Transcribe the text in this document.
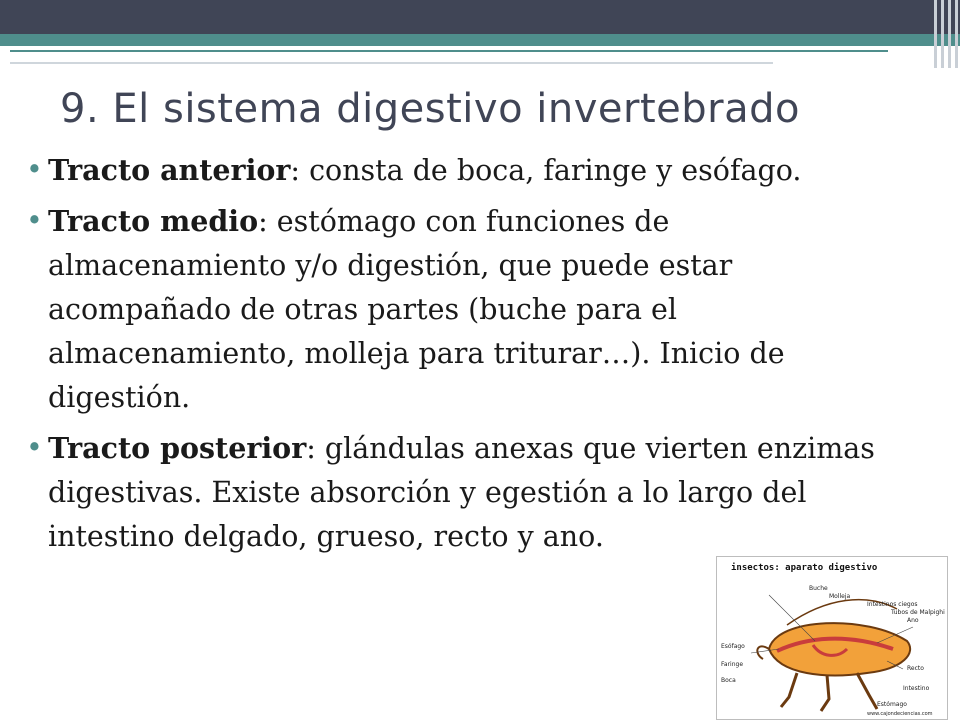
9. El sistema digestivo invertebrado
• Tracto anterior: consta de boca, faringe y esófago.
• Tracto medio: estómago con funciones de almacenamiento y/o digestión, que puede estar acompañado de otras partes (buche para el almacenamiento, molleja para triturar…). Inicio de digestión.
• Tracto posterior: glándulas anexas que vierten enzimas digestivas. Existe absorción y egestión a lo largo del intestino delgado, grueso, recto y ano.

insectos: aparato digestivo

Buche
Molleja
Intestinos ciegos
Tubos de Malpighi
Ano
Esófago
Faringe
Boca
Recto
Intestino
Estómago
www.cajondeciencias.com
